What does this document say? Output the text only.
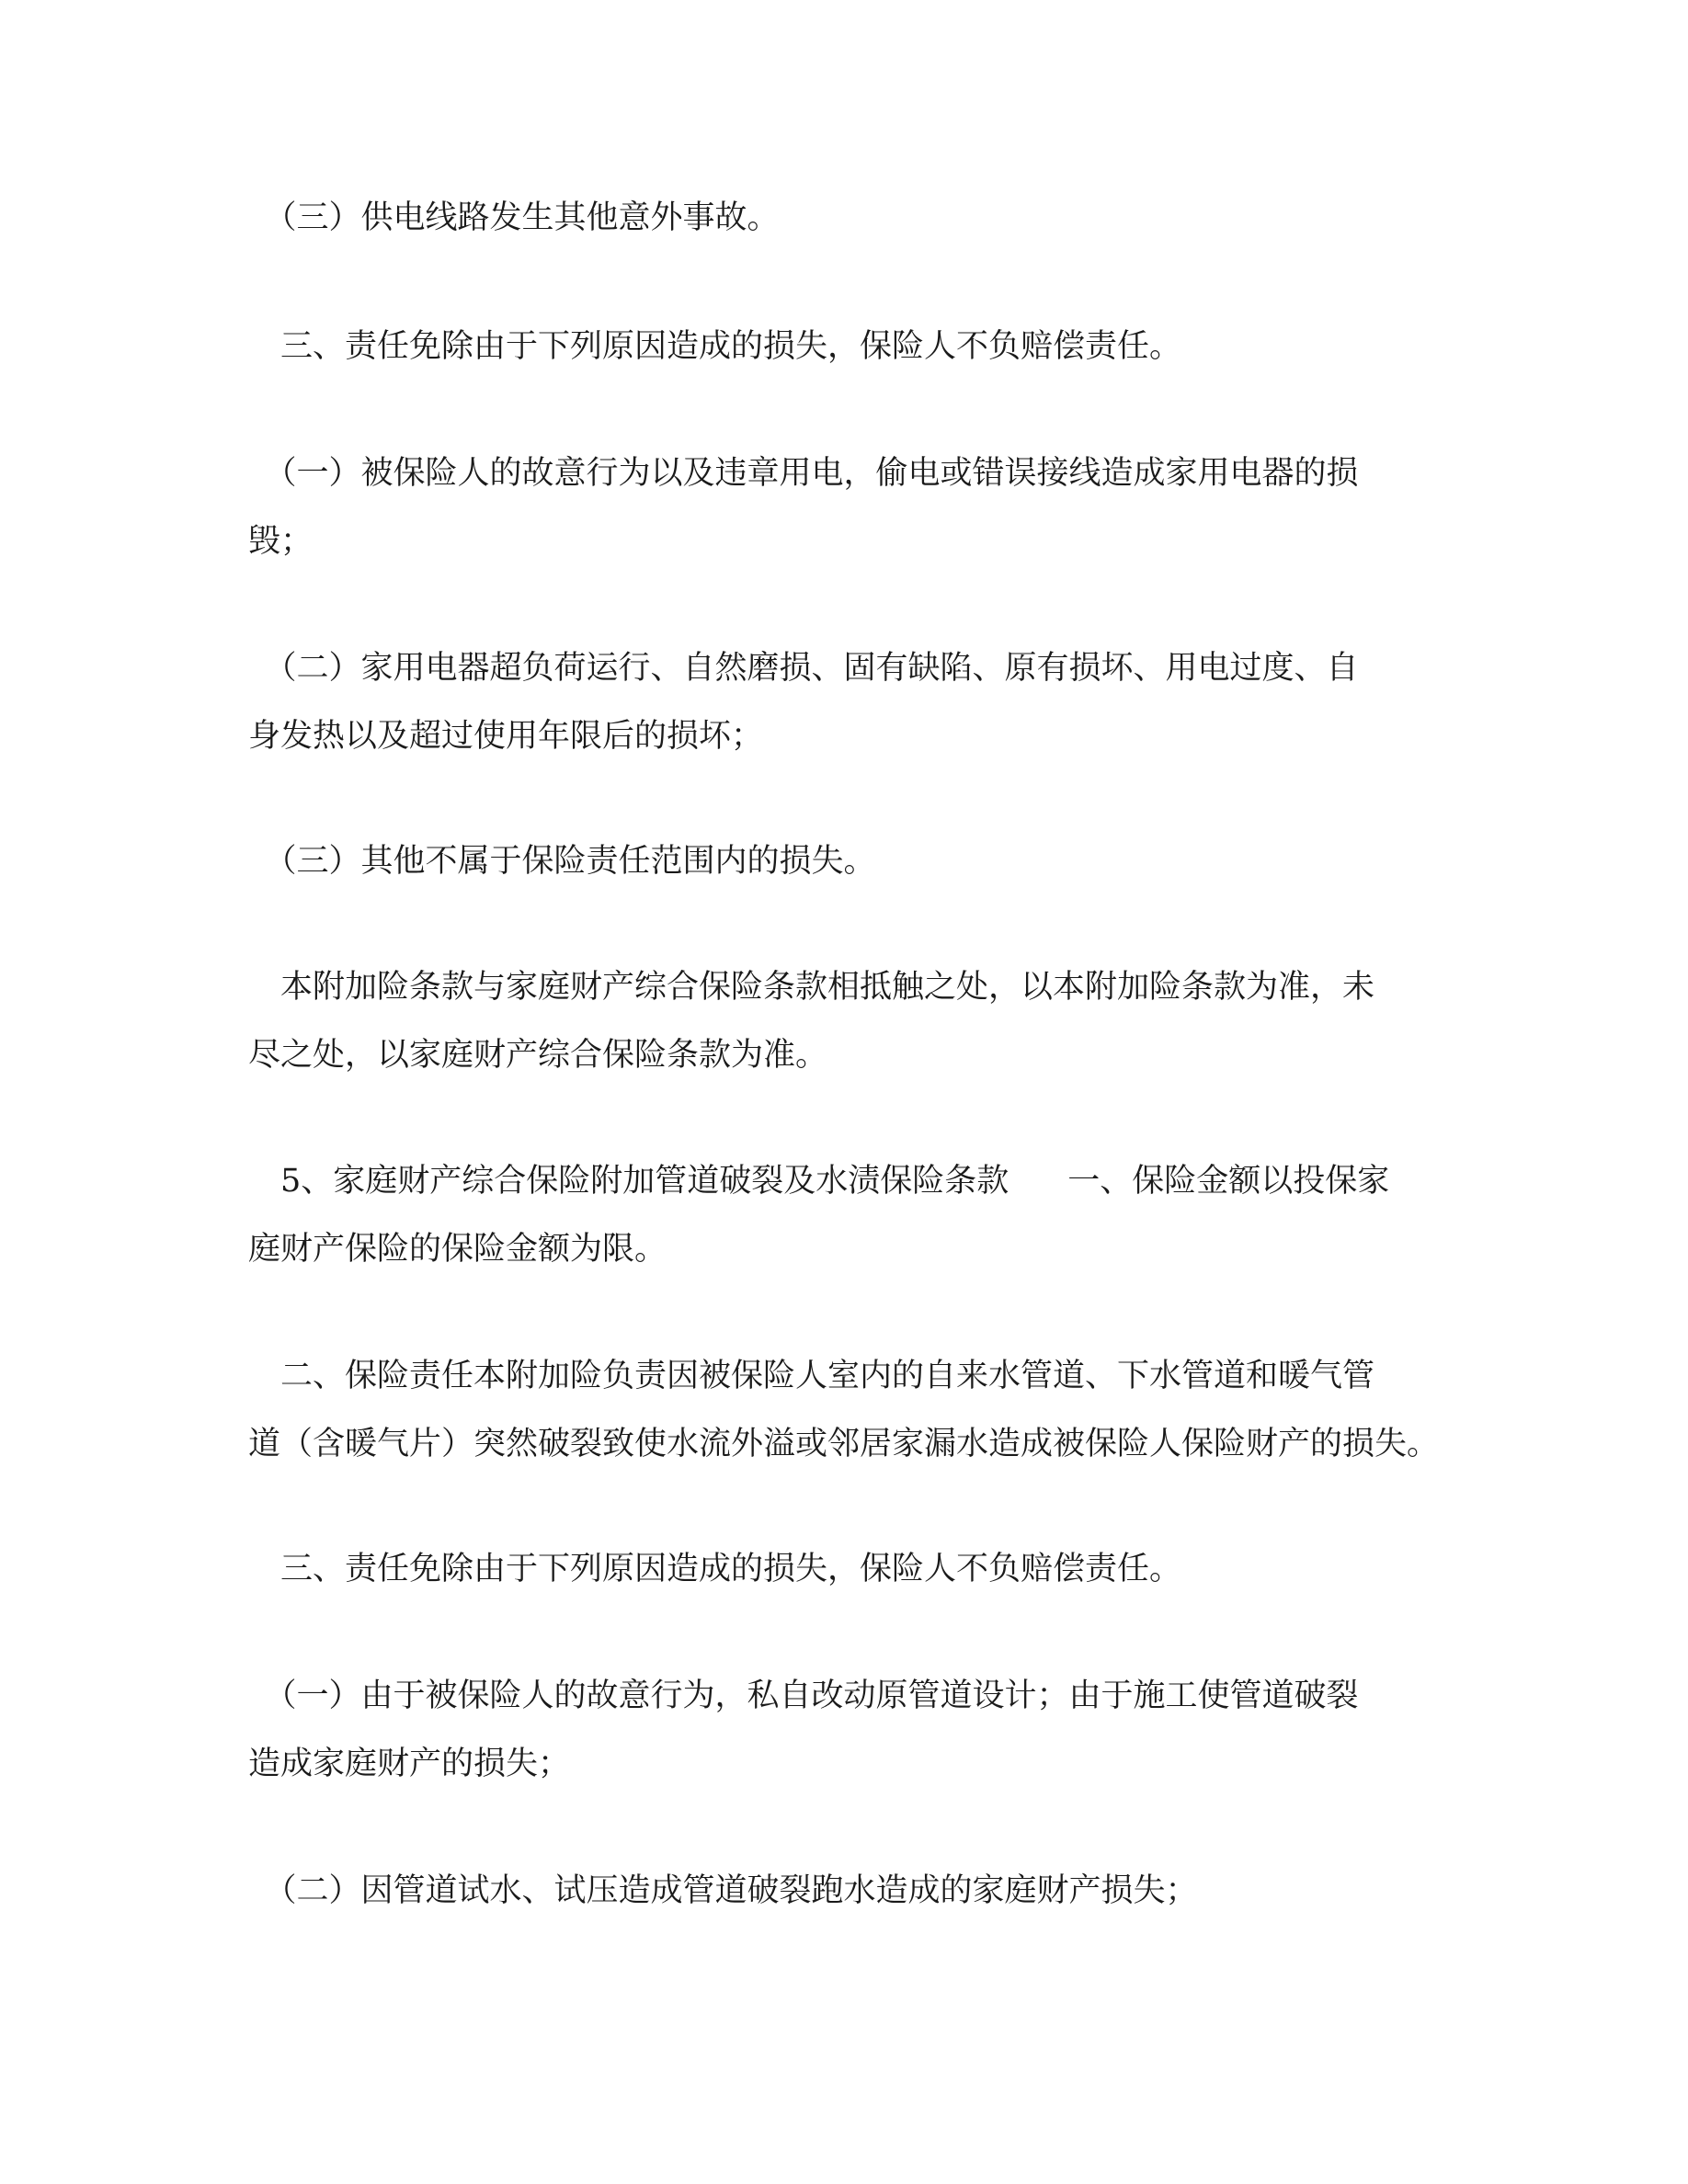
　（三）供电线路发生其他意外事故。

　三、责任免除由于下列原因造成的损失，保险人不负赔偿责任。

　（一）被保险人的故意行为以及违章用电，偷电或错误接线造成家用电器的损
毁；

　（二）家用电器超负荷运行、自然磨损、固有缺陷、原有损坏、用电过度、自
身发热以及超过使用年限后的损坏；

　（三）其他不属于保险责任范围内的损失。

　本附加险条款与家庭财产综合保险条款相抵触之处，以本附加险条款为准，未
尽之处，以家庭财产综合保险条款为准。

　5、家庭财产综合保险附加管道破裂及水渍保险条款 一、保险金额以投保家
庭财产保险的保险金额为限。

　二、保险责任本附加险负责因被保险人室内的自来水管道、下水管道和暖气管
道（含暖气片）突然破裂致使水流外溢或邻居家漏水造成被保险人保险财产的损失。

　三、责任免除由于下列原因造成的损失，保险人不负赔偿责任。

　（一）由于被保险人的故意行为，私自改动原管道设计；由于施工使管道破裂
造成家庭财产的损失；

　（二）因管道试水、试压造成管道破裂跑水造成的家庭财产损失；
